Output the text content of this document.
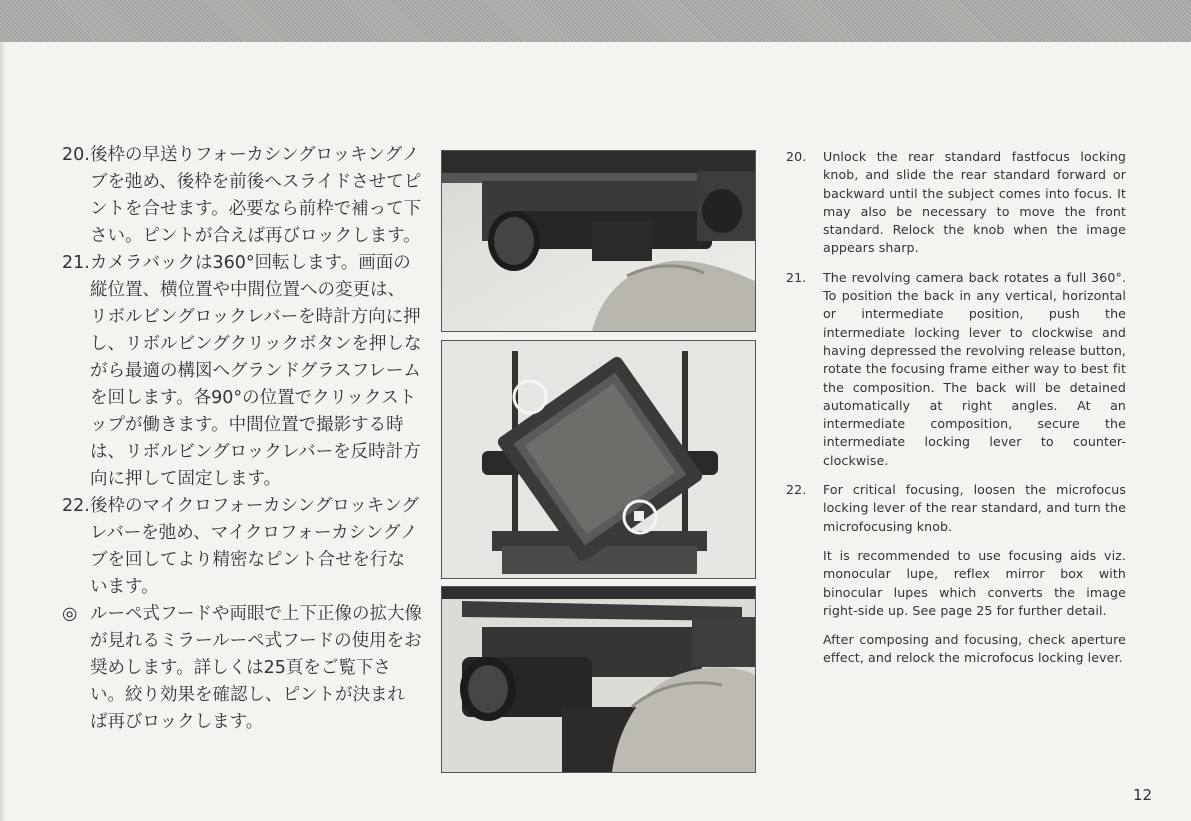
20. 後枠の早送りフォーカシングロッキングノブを弛め、後枠を前後へスライドさせてピントを合せます。必要なら前枠で補って下さい。ピントが合えば再びロックします。

21. カメラバックは360°回転します。画面の縦位置、横位置や中間位置への変更は、リボルビングロックレバーを時計方向に押し、リボルビングクリックボタンを押しながら最適の構図へグランドグラスフレームを回します。各90°の位置でクリックストップが働きます。中間位置で撮影する時は、リボルビングロックレバーを反時計方向に押して固定します。

22. 後枠のマイクロフォーカシングロッキングレバーを弛め、マイクロフォーカシングノブを回してより精密なピント合せを行ないます。

◎ ルーペ式フードや両眼で上下正像の拡大像が見れるミラールーペ式フードの使用をお奨めします。詳しくは25頁をご覧下さい。絞り効果を確認し、ピントが決まれば再びロックします。

20. Unlock the rear standard fastfocus locking knob, and slide the rear standard forward or backward until the subject comes into focus. It may also be necessary to move the front standard. Relock the knob when the image appears sharp.
21. The revolving camera back rotates a full 360°. To position the back in any vertical, horizontal or intermediate position, push the intermediate locking lever to clockwise and having depressed the revolving release button, rotate the focusing frame either way to best fit the composition. The back will be detained automatically at right angles. At an intermediate composition, secure the intermediate locking lever to counter-clockwise.
22. For critical focusing, loosen the microfocus locking lever of the rear standard, and turn the microfocusing knob.

It is recommended to use focusing aids viz. monocular lupe, reflex mirror box with binocular lupes which converts the image right-side up. See page 25 for further detail.

After composing and focusing, check aperture effect, and relock the microfocus locking lever.

12
